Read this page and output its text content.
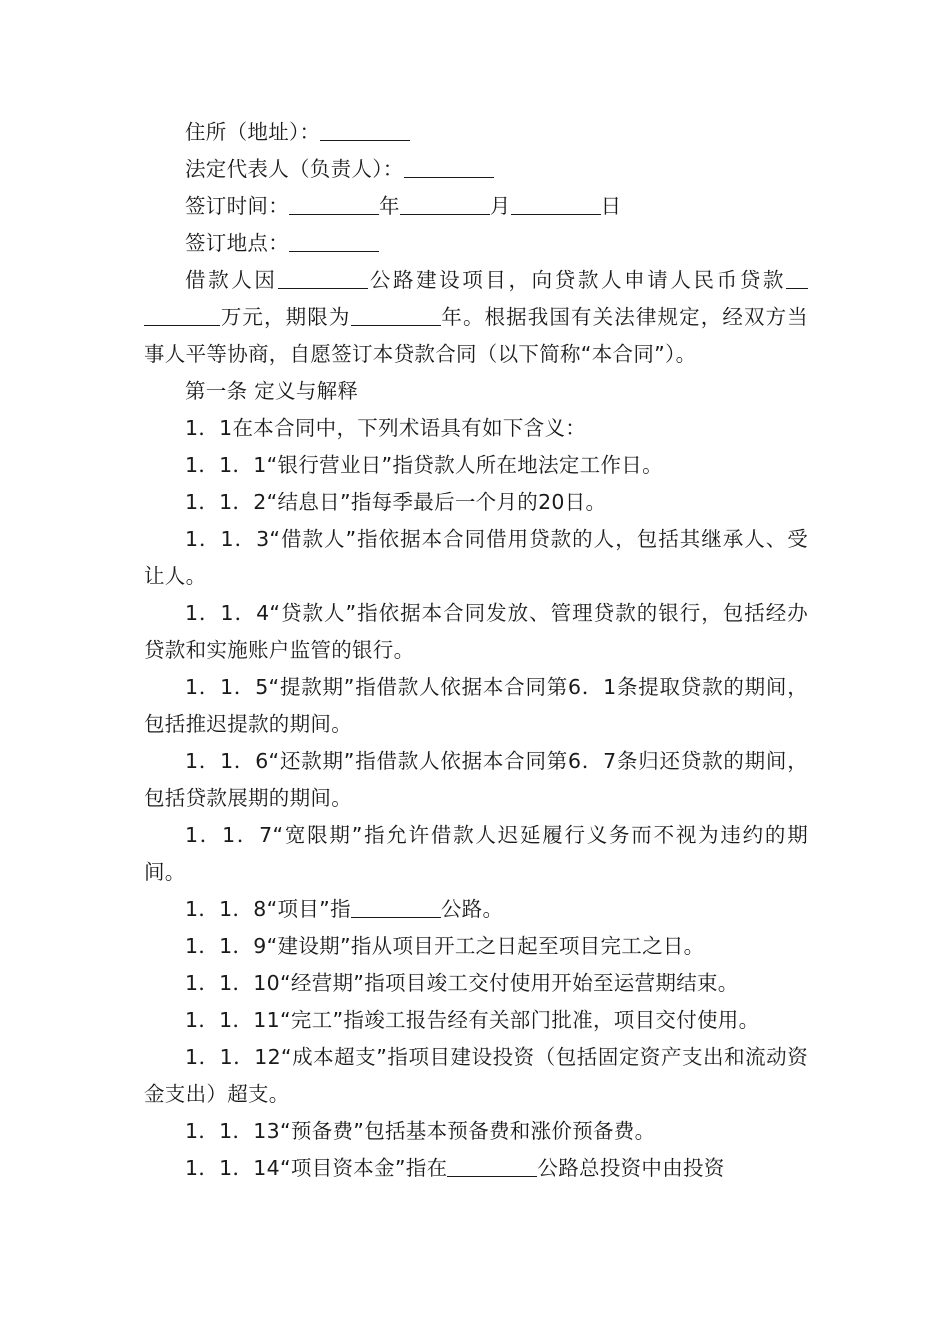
住所（地址）：

法定代表人（负责人）：

签订时间：	年	月	日

签订地点：

借款人因	公路建设项目，向贷款人申请人民币贷款万元，期限为	年。根据我国有关法律规定，经双方当事人平等协商，自愿签订本贷款合同（以下简称“本合同”）。

第一条 定义与解释

1．1在本合同中，下列术语具有如下含义：

1．1．1“银行营业日”指贷款人所在地法定工作日。

1．1．2“结息日”指每季最后一个月的20日。

1．1．3“借款人”指依据本合同借用贷款的人，包括其继承人、受让人。

1．1．4“贷款人”指依据本合同发放、管理贷款的银行，包括经办贷款和实施账户监管的银行。

1．1．5“提款期”指借款人依据本合同第6．1条提取贷款的期间，包括推迟提款的期间。

1．1．6“还款期”指借款人依据本合同第6．7条归还贷款的期间，包括贷款展期的期间。

1．1．7“宽限期”指允许借款人迟延履行义务而不视为违约的期间。

1．1．8“项目”指	公路。

1．1．9“建设期”指从项目开工之日起至项目完工之日。

1．1．10“经营期”指项目竣工交付使用开始至运营期结束。

1．1．11“完工”指竣工报告经有关部门批准，项目交付使用。

1．1．12“成本超支”指项目建设投资（包括固定资产支出和流动资金支出）超支。

1．1．13“预备费”包括基本预备费和涨价预备费。

1．1．14“项目资本金”指在	公路总投资中由投资
